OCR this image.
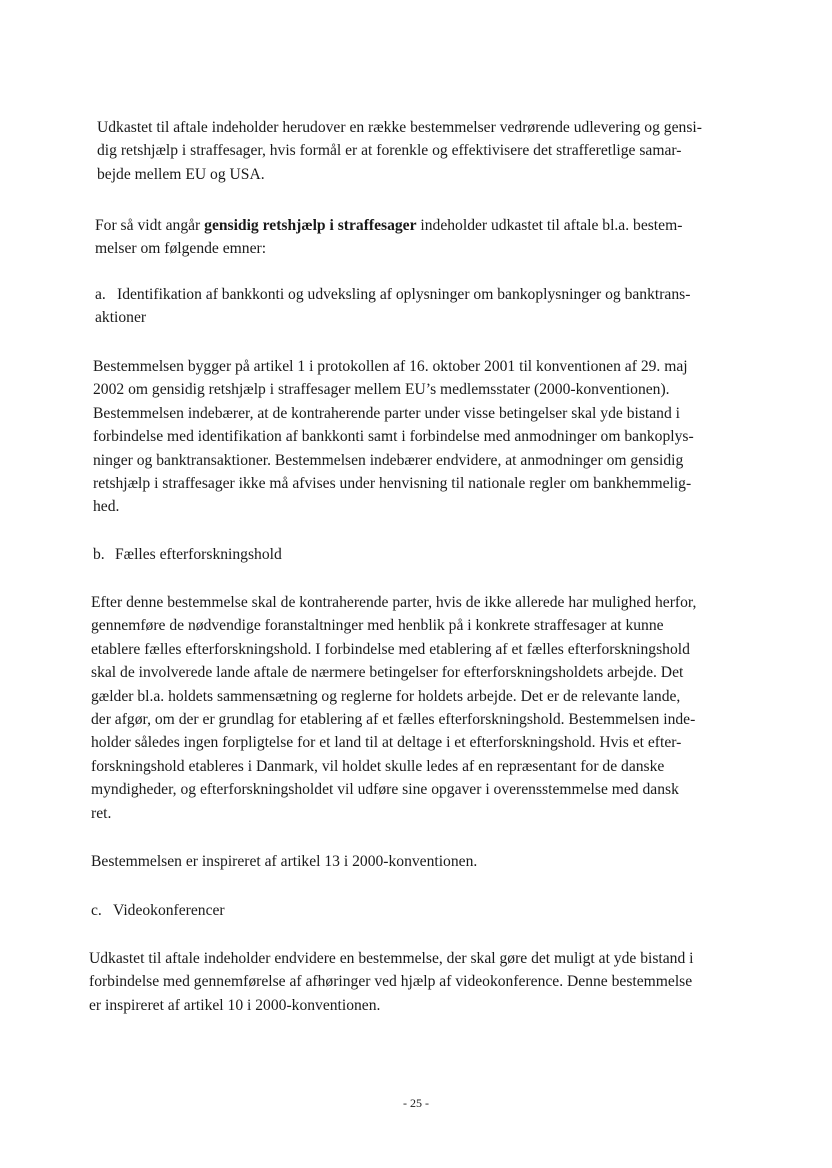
Udkastet til aftale indeholder herudover en række bestemmelser vedrørende udlevering og gensi-
dig retshjælp i straffesager, hvis formål er at forenkle og effektivisere det strafferetlige samar-
bejde mellem EU og USA.

For så vidt angår gensidig retshjælp i straffesager indeholder udkastet til aftale bl.a. bestem-
melser om følgende emner:

a. Identifikation af bankkonti og udveksling af oplysninger om bankoplysninger og banktrans-
aktioner

Bestemmelsen bygger på artikel 1 i protokollen af 16. oktober 2001 til konventionen af 29. maj
2002 om gensidig retshjælp i straffesager mellem EU’s medlemsstater (2000-konventionen).
Bestemmelsen indebærer, at de kontraherende parter under visse betingelser skal yde bistand i
forbindelse med identifikation af bankkonti samt i forbindelse med anmodninger om bankoplys-
ninger og banktransaktioner. Bestemmelsen indebærer endvidere, at anmodninger om gensidig
retshjælp i straffesager ikke må afvises under henvisning til nationale regler om bankhemmelig-
hed.

b. Fælles efterforskningshold

Efter denne bestemmelse skal de kontraherende parter, hvis de ikke allerede har mulighed herfor,
gennemføre de nødvendige foranstaltninger med henblik på i konkrete straffesager at kunne
etablere fælles efterforskningshold. I forbindelse med etablering af et fælles efterforskningshold
skal de involverede lande aftale de nærmere betingelser for efterforskningsholdets arbejde. Det
gælder bl.a. holdets sammensætning og reglerne for holdets arbejde. Det er de relevante lande,
der afgør, om der er grundlag for etablering af et fælles efterforskningshold. Bestemmelsen inde-
holder således ingen forpligtelse for et land til at deltage i et efterforskningshold. Hvis et efter-
forskningshold etableres i Danmark, vil holdet skulle ledes af en repræsentant for de danske
myndigheder, og efterforskningsholdet vil udføre sine opgaver i overensstemmelse med dansk
ret.

Bestemmelsen er inspireret af artikel 13 i 2000-konventionen.

c. Videokonferencer

Udkastet til aftale indeholder endvidere en bestemmelse, der skal gøre det muligt at yde bistand i
forbindelse med gennemførelse af afhøringer ved hjælp af videokonference. Denne bestemmelse
er inspireret af artikel 10 i 2000-konventionen.

- 25 -
